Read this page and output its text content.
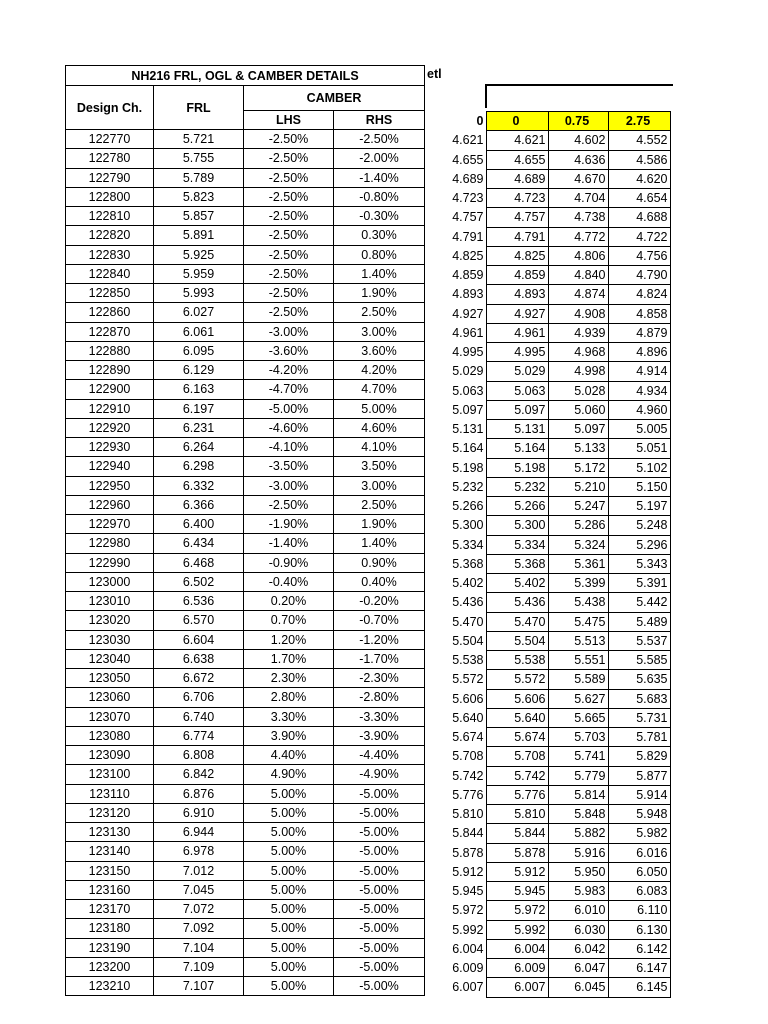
NH216 FRL, OGL & CAMBER DETAILS			
Design Ch.	FRL	CAMBER	
		LHS	RHS
122770	5.721	-2.50%	-2.50%
122780	5.755	-2.50%	-2.00%
122790	5.789	-2.50%	-1.40%
122800	5.823	-2.50%	-0.80%
122810	5.857	-2.50%	-0.30%
122820	5.891	-2.50%	0.30%
122830	5.925	-2.50%	0.80%
122840	5.959	-2.50%	1.40%
122850	5.993	-2.50%	1.90%
122860	6.027	-2.50%	2.50%
122870	6.061	-3.00%	3.00%
122880	6.095	-3.60%	3.60%
122890	6.129	-4.20%	4.20%
122900	6.163	-4.70%	4.70%
122910	6.197	-5.00%	5.00%
122920	6.231	-4.60%	4.60%
122930	6.264	-4.10%	4.10%
122940	6.298	-3.50%	3.50%
122950	6.332	-3.00%	3.00%
122960	6.366	-2.50%	2.50%
122970	6.400	-1.90%	1.90%
122980	6.434	-1.40%	1.40%
122990	6.468	-0.90%	0.90%
123000	6.502	-0.40%	0.40%
123010	6.536	0.20%	-0.20%
123020	6.570	0.70%	-0.70%
123030	6.604	1.20%	-1.20%
123040	6.638	1.70%	-1.70%
123050	6.672	2.30%	-2.30%
123060	6.706	2.80%	-2.80%
123070	6.740	3.30%	-3.30%
123080	6.774	3.90%	-3.90%
123090	6.808	4.40%	-4.40%
123100	6.842	4.90%	-4.90%
123110	6.876	5.00%	-5.00%
123120	6.910	5.00%	-5.00%
123130	6.944	5.00%	-5.00%
123140	6.978	5.00%	-5.00%
123150	7.012	5.00%	-5.00%
123160	7.045	5.00%	-5.00%
123170	7.072	5.00%	-5.00%
123180	7.092	5.00%	-5.00%
123190	7.104	5.00%	-5.00%
123200	7.109	5.00%	-5.00%
123210	7.107	5.00%	-5.00%
etl
0	0	0.75	2.75
4.621	4.621	4.602	4.552
4.655	4.655	4.636	4.586
4.689	4.689	4.670	4.620
4.723	4.723	4.704	4.654
4.757	4.757	4.738	4.688
4.791	4.791	4.772	4.722
4.825	4.825	4.806	4.756
4.859	4.859	4.840	4.790
4.893	4.893	4.874	4.824
4.927	4.927	4.908	4.858
4.961	4.961	4.939	4.879
4.995	4.995	4.968	4.896
5.029	5.029	4.998	4.914
5.063	5.063	5.028	4.934
5.097	5.097	5.060	4.960
5.131	5.131	5.097	5.005
5.164	5.164	5.133	5.051
5.198	5.198	5.172	5.102
5.232	5.232	5.210	5.150
5.266	5.266	5.247	5.197
5.300	5.300	5.286	5.248
5.334	5.334	5.324	5.296
5.368	5.368	5.361	5.343
5.402	5.402	5.399	5.391
5.436	5.436	5.438	5.442
5.470	5.470	5.475	5.489
5.504	5.504	5.513	5.537
5.538	5.538	5.551	5.585
5.572	5.572	5.589	5.635
5.606	5.606	5.627	5.683
5.640	5.640	5.665	5.731
5.674	5.674	5.703	5.781
5.708	5.708	5.741	5.829
5.742	5.742	5.779	5.877
5.776	5.776	5.814	5.914
5.810	5.810	5.848	5.948
5.844	5.844	5.882	5.982
5.878	5.878	5.916	6.016
5.912	5.912	5.950	6.050
5.945	5.945	5.983	6.083
5.972	5.972	6.010	6.110
5.992	5.992	6.030	6.130
6.004	6.004	6.042	6.142
6.009	6.009	6.047	6.147
6.007	6.007	6.045	6.145
